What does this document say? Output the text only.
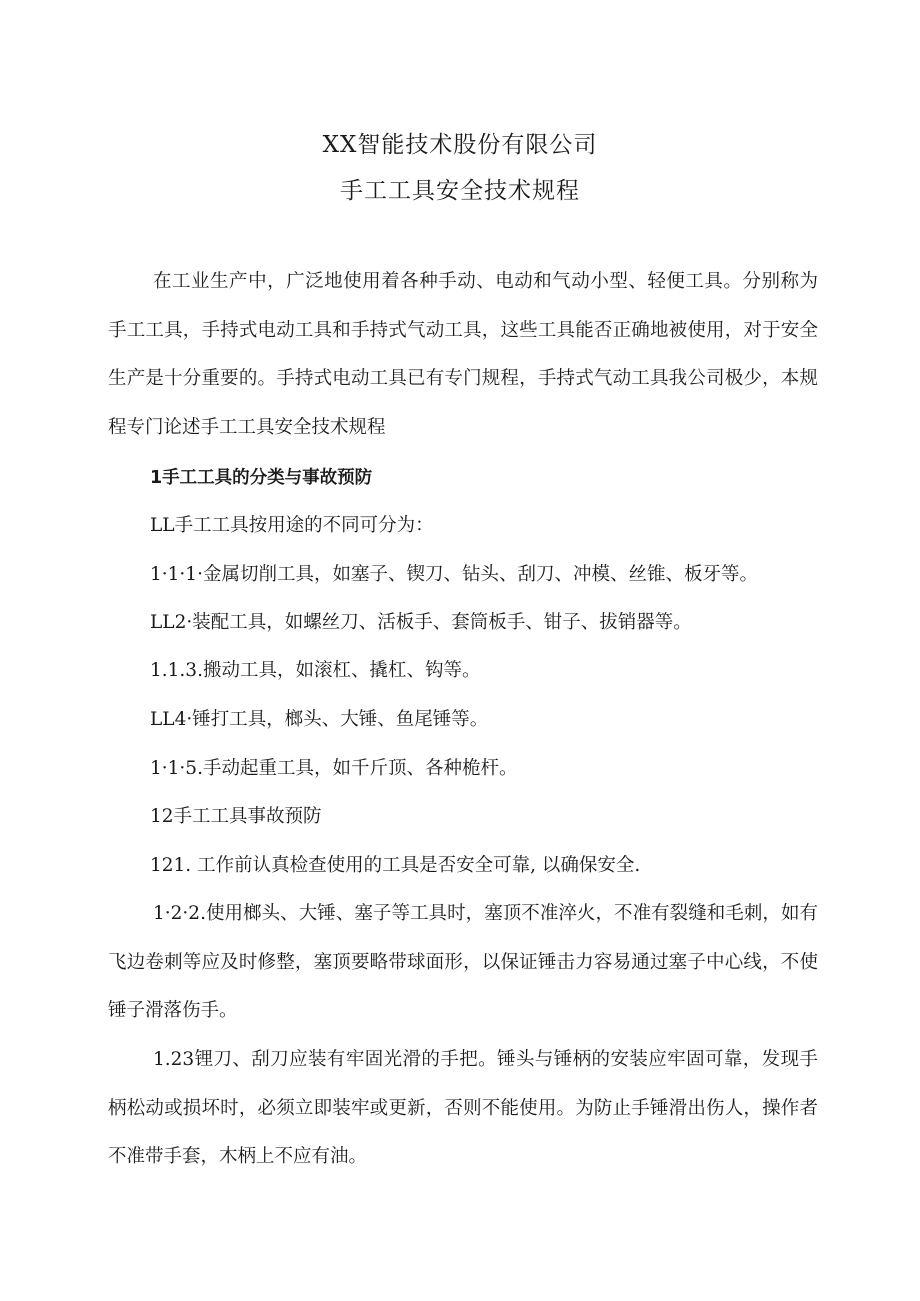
XX智能技术股份有限公司
手工工具安全技术规程
在工业生产中，广泛地使用着各种手动、电动和气动小型、轻便工具。分别称为手工工具，手持式电动工具和手持式气动工具，这些工具能否正确地被使用，对于安全生产是十分重要的。手持式电动工具已有专门规程，手持式气动工具我公司极少，本规程专门论述手工工具安全技术规程
1手工工具的分类与事故预防
LL手工工具按用途的不同可分为：
1·1·1·金属切削工具，如塞子、锲刀、钻头、刮刀、冲模、丝锥、板牙等。
LL2·装配工具，如螺丝刀、活板手、套筒板手、钳子、拔销器等。
1.1.3.搬动工具，如滚杠、撬杠、钩等。
LL4·锤打工具，榔头、大锤、鱼尾锤等。
1·1·5.手动起重工具，如千斤顶、各种桅杆。
12手工工具事故预防
121. 工作前认真检查使用的工具是否安全可靠, 以确保安全.
1·2·2.使用榔头、大锤、塞子等工具时，塞顶不准淬火，不准有裂缝和毛刺，如有飞边卷刺等应及时修整，塞顶要略带球面形，以保证锤击力容易通过塞子中心线，不使锤子滑落伤手。
1.23锂刀、刮刀应装有牢固光滑的手把。锤头与锤柄的安装应牢固可靠，发现手柄松动或损坏时，必须立即装牢或更新，否则不能使用。为防止手锤滑出伤人，操作者不准带手套，木柄上不应有油。
